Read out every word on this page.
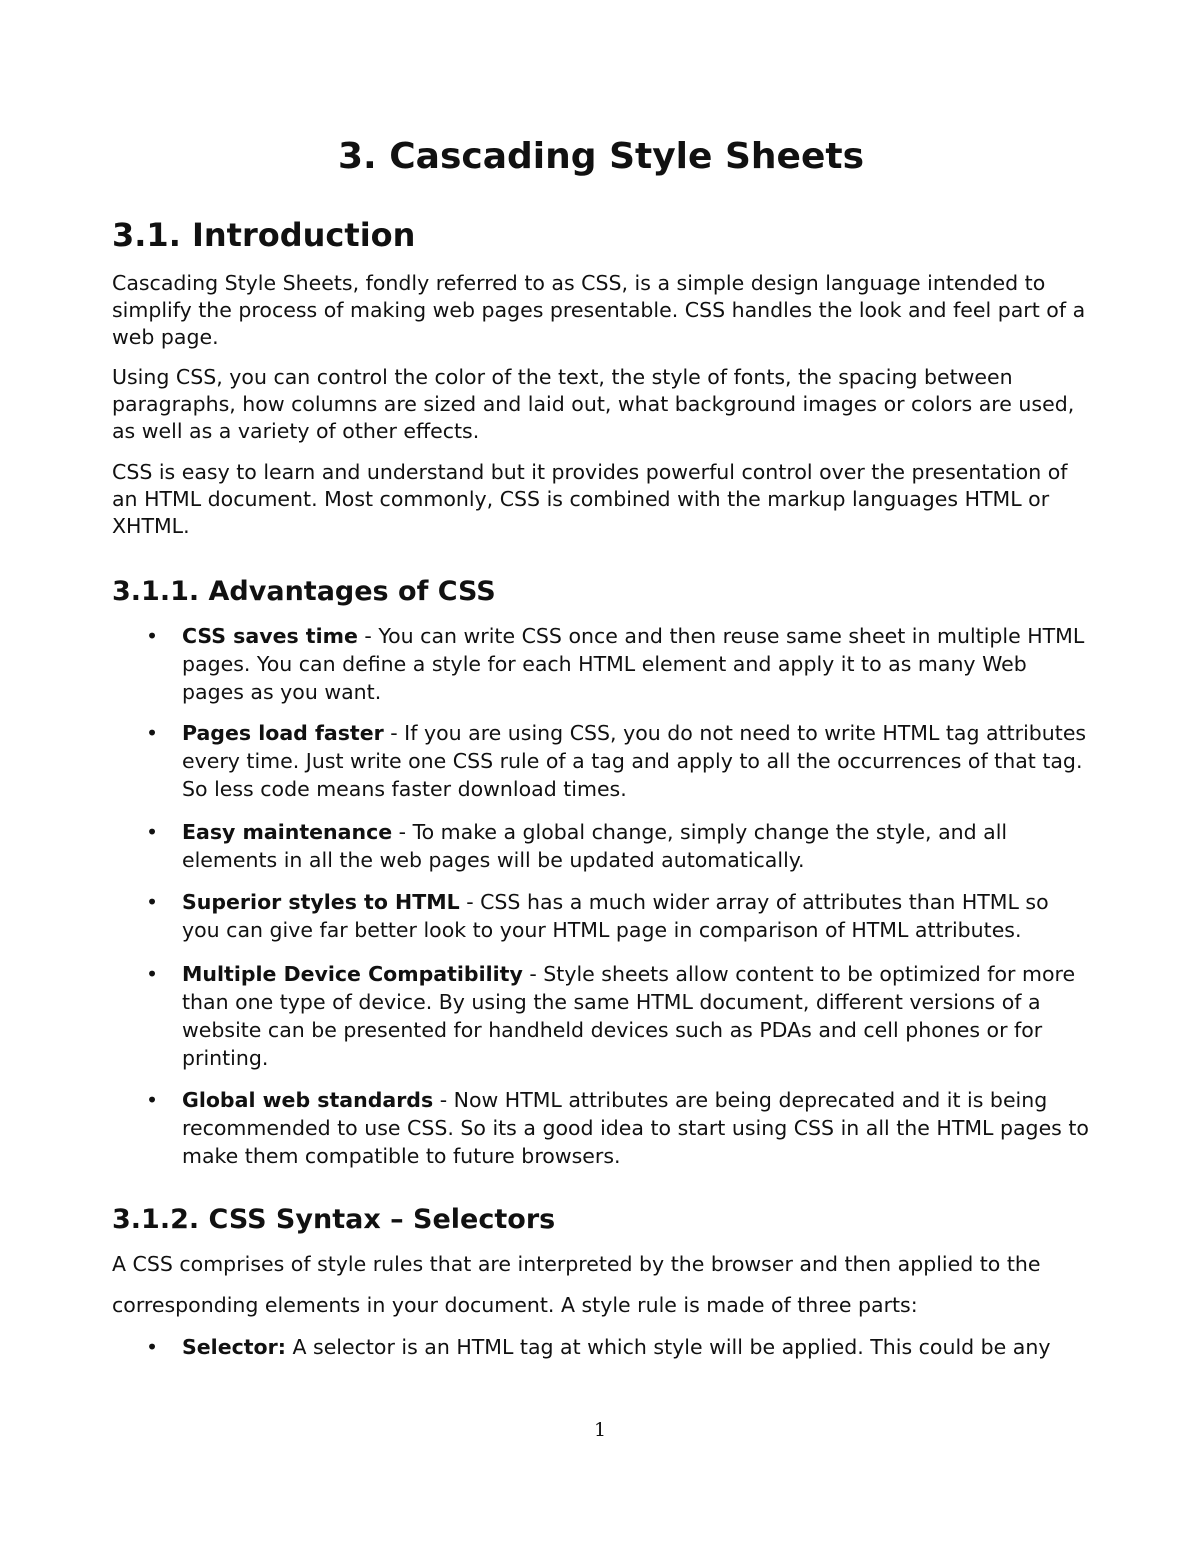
3. Cascading Style Sheets
3.1. Introduction

Cascading Style Sheets, fondly referred to as CSS, is a simple design language intended to simplify the process of making web pages presentable. CSS handles the look and feel part of a web page.

Using CSS, you can control the color of the text, the style of fonts, the spacing between paragraphs, how columns are sized and laid out, what background images or colors are used, as well as a variety of other effects.

CSS is easy to learn and understand but it provides powerful control over the presentation of an HTML document. Most commonly, CSS is combined with the markup languages HTML or XHTML.

3.1.1. Advantages of CSS
• CSS saves time - You can write CSS once and then reuse same sheet in multiple HTML pages. You can define a style for each HTML element and apply it to as many Web pages as you want.
• Pages load faster - If you are using CSS, you do not need to write HTML tag attributes every time. Just write one CSS rule of a tag and apply to all the occurrences of that tag. So less code means faster download times.
• Easy maintenance - To make a global change, simply change the style, and all elements in all the web pages will be updated automatically.
• Superior styles to HTML - CSS has a much wider array of attributes than HTML so you can give far better look to your HTML page in comparison of HTML attributes.
• Multiple Device Compatibility - Style sheets allow content to be optimized for more than one type of device. By using the same HTML document, different versions of a website can be presented for handheld devices such as PDAs and cell phones or for printing.
• Global web standards - Now HTML attributes are being deprecated and it is being recommended to use CSS. So its a good idea to start using CSS in all the HTML pages to make them compatible to future browsers.
3.1.2. CSS Syntax – Selectors

A CSS comprises of style rules that are interpreted by the browser and then applied to the corresponding elements in your document. A style rule is made of three parts:

• Selector: A selector is an HTML tag at which style will be applied. This could be any
1
